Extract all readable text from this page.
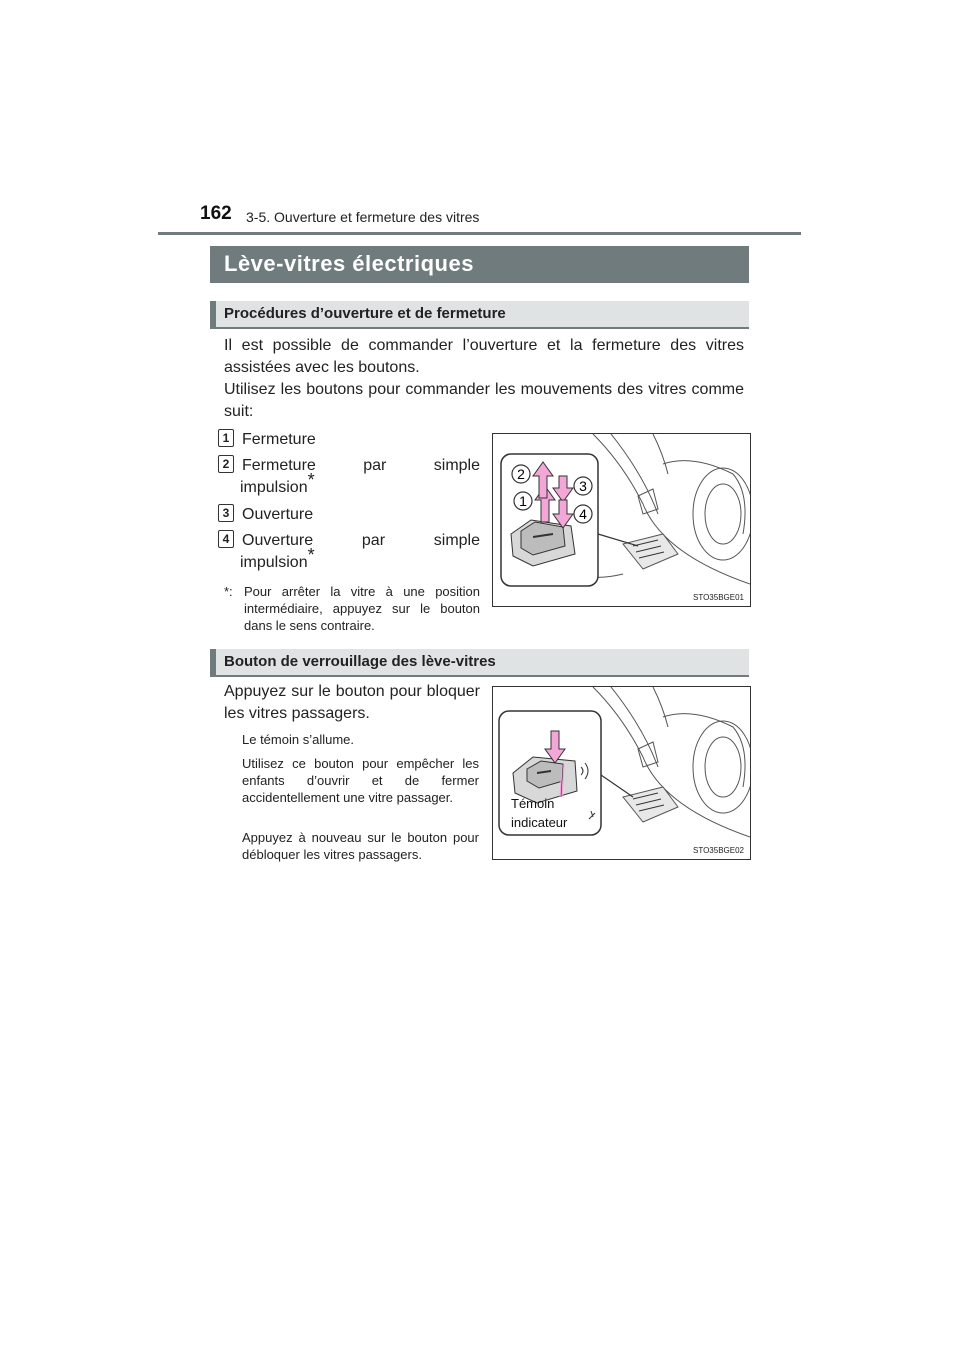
162 3-5. Ouverture et fermeture des vitres
Lève-vitres électriques
Procédures d’ouverture et de fermeture
Il est possible de commander l’ouverture et la fermeture des vitres assistées avec les boutons.
Utilisez les boutons pour commander les mouvements des vitres comme suit:
1 Fermeture
2 Fermeture par simple
impulsion*
3 Ouverture
4 Ouverture par simple
impulsion*
*: Pour arrêter la vitre à une position intermédiaire, appuyez sur le bouton dans le sens contraire.
2
1
3
4
STO35BGE01
Bouton de verrouillage des lève-vitres
Appuyez sur le bouton pour bloquer les vitres passagers.
Le témoin s’allume.
Utilisez ce bouton pour empêcher les enfants d’ouvrir et de fermer accidentellement une vitre passager.
Appuyez à nouveau sur le bouton pour débloquer les vitres passagers.
Témoin
indicateur
STO35BGE02
